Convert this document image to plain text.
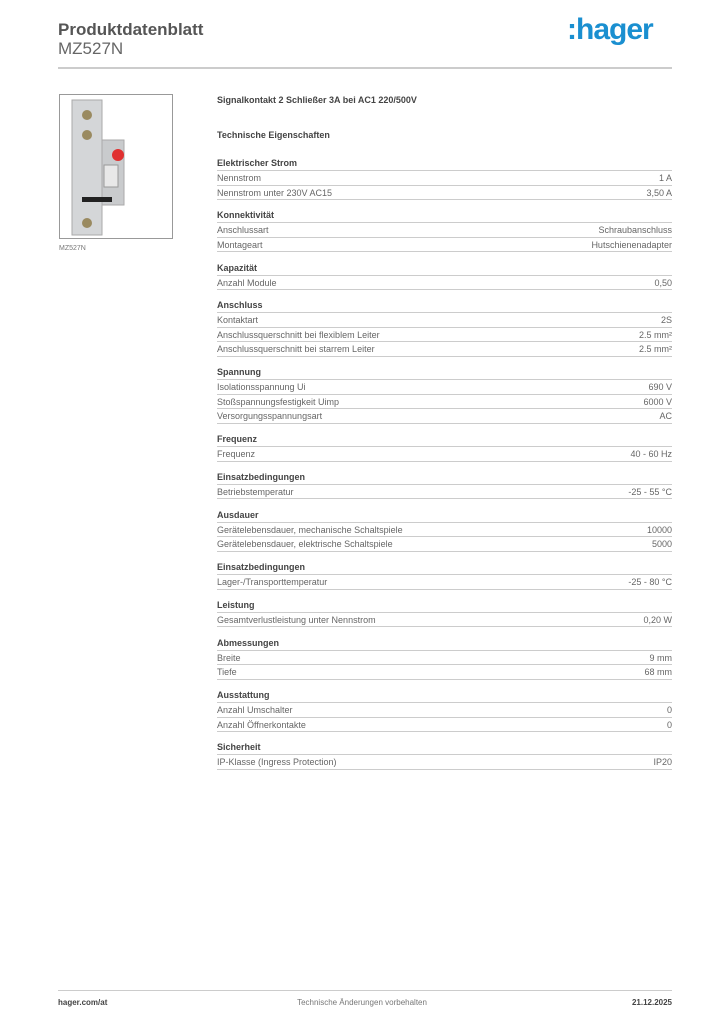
Produktdatenblatt
MZ527N
:hager
MZ527N
Signalkontakt 2 Schließer 3A bei AC1 220/500V
Technische Eigenschaften
Elektrischer Strom
Nennstrom	1 A
Nennstrom unter 230V AC15	3,50 A
Konnektivität
Anschlussart	Schraubanschluss
Montageart	Hutschienenadapter
Kapazität
Anzahl Module	0,50
Anschluss
Kontaktart	2S
Anschlussquerschnitt bei flexiblem Leiter	2.5 mm²
Anschlussquerschnitt bei starrem Leiter	2.5 mm²
Spannung
Isolationsspannung Ui	690 V
Stoßspannungsfestigkeit Uimp	6000 V
Versorgungsspannungsart	AC
Frequenz
Frequenz	40 - 60 Hz
Einsatzbedingungen
Betriebstemperatur	-25 - 55 °C
Ausdauer
Gerätelebensdauer, mechanische Schaltspiele	10000
Gerätelebensdauer, elektrische Schaltspiele	5000
Einsatzbedingungen
Lager-/Transporttemperatur	-25 - 80 °C
Leistung
Gesamtverlustleistung unter Nennstrom	0,20 W
Abmessungen
Breite	9 mm
Tiefe	68 mm
Ausstattung
Anzahl Umschalter	0
Anzahl Öffnerkontakte	0
Sicherheit
IP-Klasse (Ingress Protection)	IP20
hager.com/at	Technische Änderungen vorbehalten	21.12.2025
